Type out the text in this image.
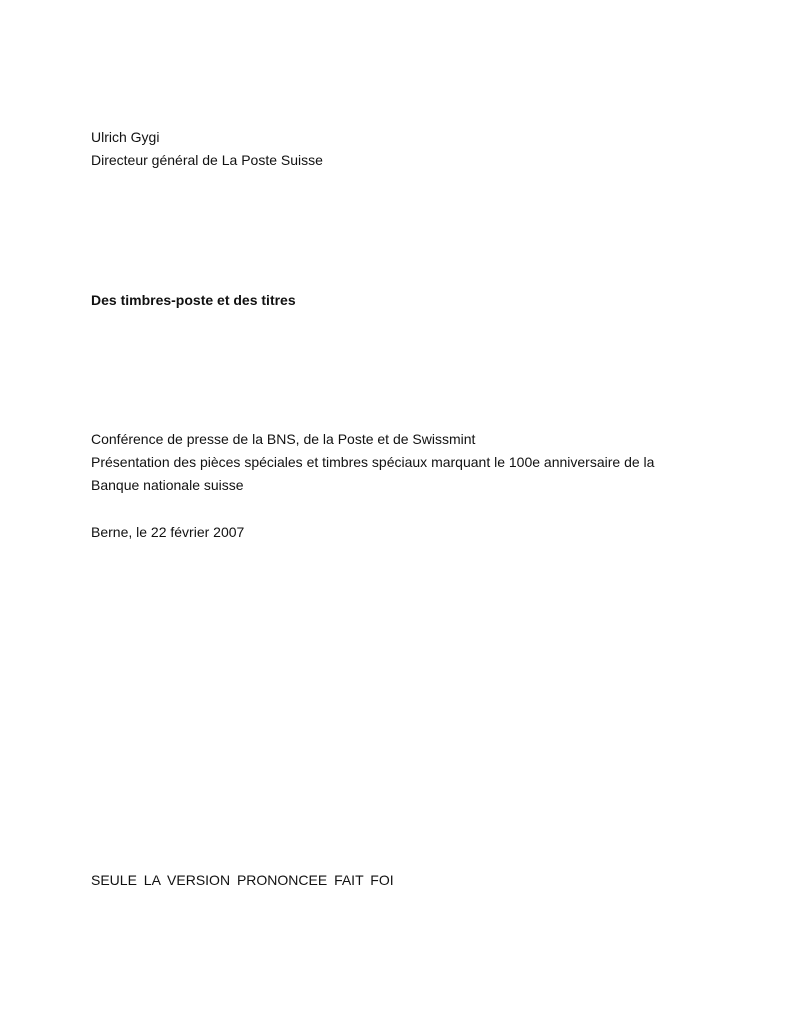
Ulrich Gygi

Directeur général de La Poste Suisse

Des timbres-poste et des titres

Conférence de presse de la BNS, de la Poste et de Swissmint

Présentation des pièces spéciales et timbres spéciaux marquant le 100e anniversaire de la

Banque nationale suisse

Berne, le 22 février 2007

SEULE LA VERSION PRONONCEE FAIT FOI
